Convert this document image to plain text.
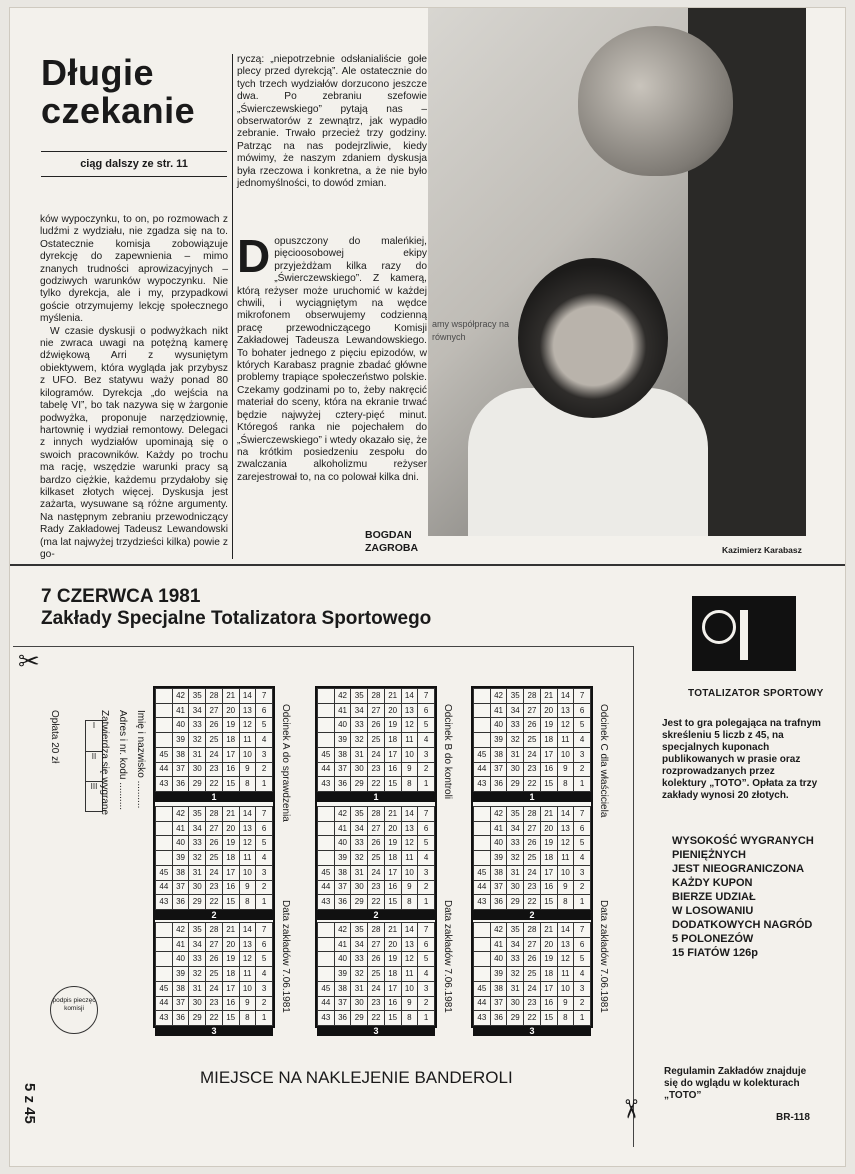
Długie
czekanie
ciąg dalszy ze str. 11

ków wypoczynku, to on, po rozmowach z ludźmi z wydziału, nie zgadza się na to. Ostatecznie komisja zobowiązuje dyrekcję do zapewnienia – mimo znanych trudności aprowizacyjnych – godziwych warunków wypoczynku. Nie tylko dyrekcja, ale i my, przypadkowi goście otrzymujemy lekcję społecznego myślenia.

W czasie dyskusji o podwyżkach nikt nie zwraca uwagi na potężną kamerę dźwiękową Arri z wysuniętym obiektywem, która wygląda jak przybysz z UFO. Bez statywu waży ponad 80 kilogramów. Dyrekcja „do wejścia na tabelę VI”, bo tak nazywa się w żargonie podwyżka, proponuje narzędziownię, hartownię i wydział remontowy. Delegaci z innych wydziałów upominają się o swoich pracowników. Każdy po trochu ma rację, wszędzie warunki pracy są bardzo ciężkie, każdemu przydałoby się kilkaset złotych więcej. Dyskusja jest zażarta, wysuwane są różne argumenty. Na następnym zebraniu przewodniczący Rady Zakładowej Tadeusz Lewandowski (ma lat najwyżej trzydzieści kilka) powie z go-

ryczą: „niepotrzebnie odsłanialiście gołe plecy przed dyrekcją”. Ale ostatecznie do tych trzech wydziałów dorzucono jeszcze dwa. Po zebraniu szefowie „Świerczewskiego” pytają nas – obserwatorów z zewnątrz, jak wypadło zebranie. Trwało przecież trzy godziny. Patrząc na nas podejrzliwie, kiedy mówimy, że naszym zdaniem dyskusja była rzeczowa i konkretna, a że nie było jednomyślności, to dowód zmian.

D opuszczony do maleńkiej, pięcioosobowej ekipy przyjeżdżam kilka razy do „Świerczewskiego”. Z kamerą, którą reżyser może uruchomić w każdej chwili, i wyciągniętym na wędce mikrofonem obserwujemy codzienną pracę przewodniczącego Komisji Zakładowej Tadeusza Lewandowskiego. To bohater jednego z pięciu epizodów, w których Karabasz pragnie zbadać główne problemy trapiące społeczeństwo polskie. Czekamy godzinami po to, żeby nakręcić materiał do sceny, która na ekranie trwać będzie najwyżej cztery-pięć minut. Któregoś ranka nie pojechałem do „Świerczewskiego” i wtedy okazało się, że na krótkim posiedzeniu zespołu do zwalczania alkoholizmu reżyser zarejestrował to, na co polował kilka dni.

BOGDAN
ZAGROBA
amy współpracy na równych
Kazimierz Karabasz
7 CZERWCA 1981
Zakłady Specjalne Totalizatora Sportowego
TOTALIZATOR SPORTOWY
Jest to gra polegająca na trafnym skreśleniu 5 liczb z 45, na specjalnych kuponach publikowanych w prasie oraz rozprowadzanych przez kolektury „TOTO”. Opłata za trzy zakłady wynosi 20 złotych.
WYSOKOŚĆ WYGRANYCH
PIENIĘŻNYCH
JEST NIEOGRANICZONA
KAŻDY KUPON
BIERZE UDZIAŁ
W LOSOWANIU
DODATKOWYCH NAGRÓD
5 POLONEZÓW
15 FIATÓW 126p
Regulamin Zakładów znajduje się do wglądu w kolekturach „TOTO”
BR-118
✂
✂
Opłata 20 zł	I
II
III Zatwierdza się wygrane Adres i nr. kodu ..........
Imię i nazwisko ..........
podpis pieczęć komisji
5 z 45
	42	35	28	21	14	7
	41	34	27	20	13	6
	40	33	26	19	12	5
	39	32	25	18	11	4
45	38	31	24	17	10	3
44	37	30	23	16	9	2
43	36	29	22	15	8	1
1
	42	35	28	21	14	7
	41	34	27	20	13	6
	40	33	26	19	12	5
	39	32	25	18	11	4
45	38	31	24	17	10	3
44	37	30	23	16	9	2
43	36	29	22	15	8	1
2
	42	35	28	21	14	7
	41	34	27	20	13	6
	40	33	26	19	12	5
	39	32	25	18	11	4
45	38	31	24	17	10	3
44	37	30	23	16	9	2
43	36	29	22	15	8	1
3
Odcinek A do sprawdzenia
Data zakładów 7.06.1981
	42	35	28	21	14	7
	41	34	27	20	13	6
	40	33	26	19	12	5
	39	32	25	18	11	4
45	38	31	24	17	10	3
44	37	30	23	16	9	2
43	36	29	22	15	8	1
1
	42	35	28	21	14	7
	41	34	27	20	13	6
	40	33	26	19	12	5
	39	32	25	18	11	4
45	38	31	24	17	10	3
44	37	30	23	16	9	2
43	36	29	22	15	8	1
2
	42	35	28	21	14	7
	41	34	27	20	13	6
	40	33	26	19	12	5
	39	32	25	18	11	4
45	38	31	24	17	10	3
44	37	30	23	16	9	2
43	36	29	22	15	8	1
3
Odcinek B do kontroli
Data zakładów 7.06.1981
	42	35	28	21	14	7
	41	34	27	20	13	6
	40	33	26	19	12	5
	39	32	25	18	11	4
45	38	31	24	17	10	3
44	37	30	23	16	9	2
43	36	29	22	15	8	1
1
	42	35	28	21	14	7
	41	34	27	20	13	6
	40	33	26	19	12	5
	39	32	25	18	11	4
45	38	31	24	17	10	3
44	37	30	23	16	9	2
43	36	29	22	15	8	1
2
	42	35	28	21	14	7
	41	34	27	20	13	6
	40	33	26	19	12	5
	39	32	25	18	11	4
45	38	31	24	17	10	3
44	37	30	23	16	9	2
43	36	29	22	15	8	1
3
Odcinek C dla właściciela
Data zakładów 7.06.1981
MIEJSCE NA NAKLEJENIE BANDEROLI
